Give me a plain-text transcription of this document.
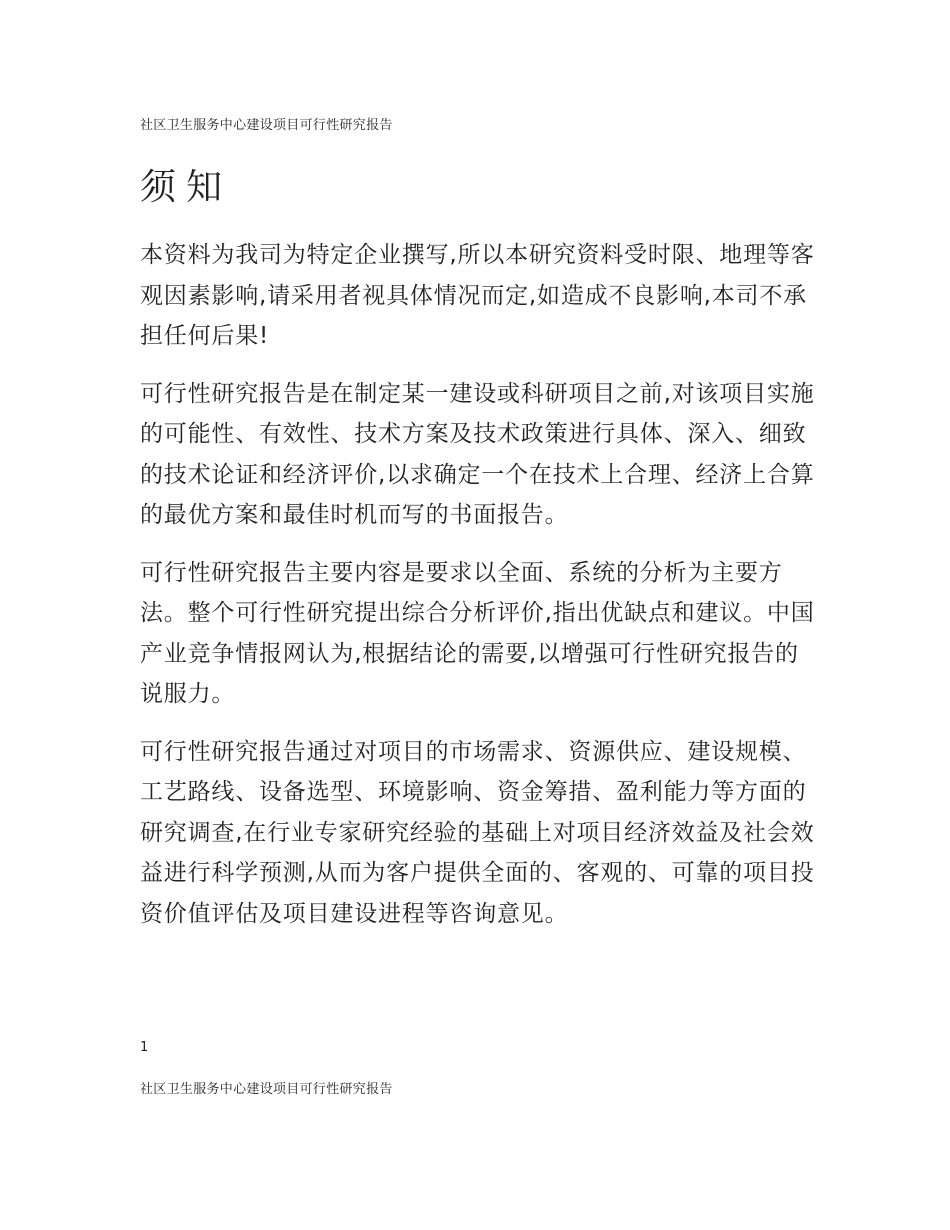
社区卫生服务中心建设项目可行性研究报告
须知

本资料为我司为特定企业撰写,所以本研究资料受时限、地理等客观因素影响,请采用者视具体情况而定,如造成不良影响,本司不承担任何后果!

可行性研究报告是在制定某一建设或科研项目之前,对该项目实施的可能性、有效性、技术方案及技术政策进行具体、深入、细致的技术论证和经济评价,以求确定一个在技术上合理、经济上合算的最优方案和最佳时机而写的书面报告。

可行性研究报告主要内容是要求以全面、系统的分析为主要方法。整个可行性研究提出综合分析评价,指出优缺点和建议。中国产业竞争情报网认为,根据结论的需要,以增强可行性研究报告的说服力。

可行性研究报告通过对项目的市场需求、资源供应、建设规模、工艺路线、设备选型、环境影响、资金筹措、盈利能力等方面的研究调查,在行业专家研究经验的基础上对项目经济效益及社会效益进行科学预测,从而为客户提供全面的、客观的、可靠的项目投资价值评估及项目建设进程等咨询意见。

1
社区卫生服务中心建设项目可行性研究报告
